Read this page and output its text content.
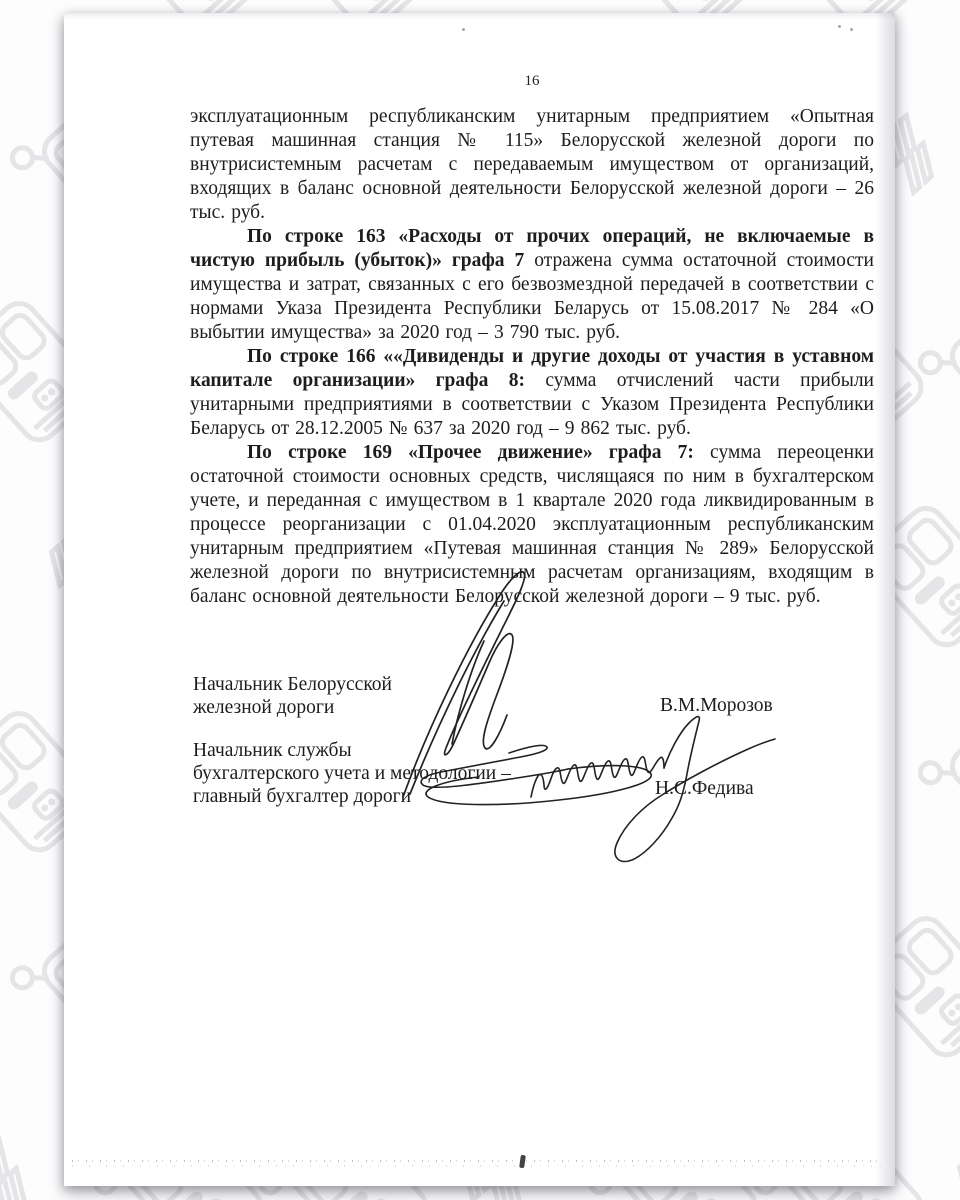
16

эксплуатационным республиканским унитарным предприятием «Опытная путевая машинная станция № 115» Белорусской железной дороги по внутрисистемным расчетам с передаваемым имуществом от организаций, входящих в баланс основной деятельности Белорусской железной дороги – 26 тыс. руб.

По строке 163 «Расходы от прочих операций, не включаемые в чистую прибыль (убыток)» графа 7 отражена сумма остаточной стоимости имущества и затрат, связанных с его безвозмездной передачей в соответствии с нормами Указа Президента Республики Беларусь от 15.08.2017 № 284 «О выбытии имущества» за 2020 год – 3 790 тыс. руб.

По строке 166 ««Дивиденды и другие доходы от участия в уставном капитале организации» графа 8: сумма отчислений части прибыли унитарными предприятиями в соответствии с Указом Президента Республики Беларусь от 28.12.2005 № 637 за 2020 год – 9 862 тыс. руб.

По строке 169 «Прочее движение» графа 7: сумма переоценки остаточной стоимости основных средств, числящаяся по ним в бухгалтерском учете, и переданная с имуществом в 1 квартале 2020 года ликвидированным в процессе реорганизации с 01.04.2020 эксплуатационным республиканским унитарным предприятием «Путевая машинная станция № 289» Белорусской железной дороги по внутрисистемным расчетам организациям, входящим в баланс основной деятельности Белорусской железной дороги – 9 тыс. руб.

Начальник Белорусской
железной дороги	В.М.Морозов
Начальник службы
бухгалтерского учета и методологии –
главный бухгалтер дороги	Н.С.Федива
